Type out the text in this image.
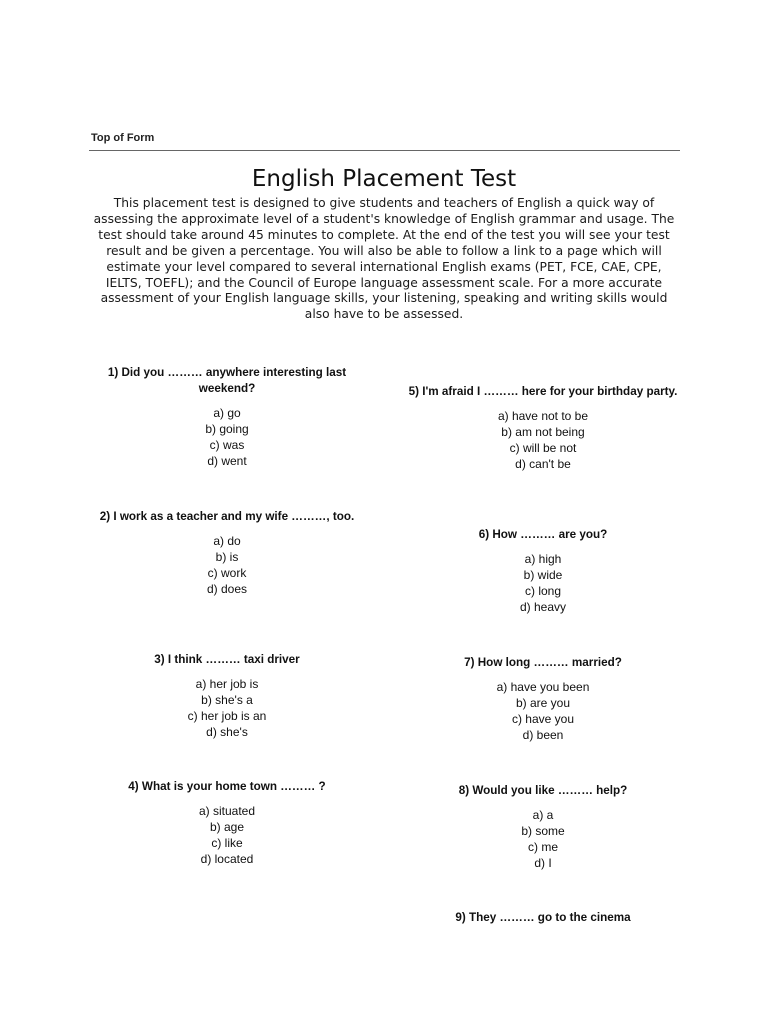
Top of Form
English Placement Test

This placement test is designed to give students and teachers of English a quick way of assessing the approximate level of a student's knowledge of English grammar and usage. The test should take around 45 minutes to complete. At the end of the test you will see your test result and be given a percentage. You will also be able to follow a link to a page which will estimate your level compared to several international English exams (PET, FCE, CAE, CPE, IELTS, TOEFL); and the Council of Europe language assessment scale. For a more accurate assessment of your English language skills, your listening, speaking and writing skills would also have to be assessed.

1) Did you ……… anywhere interesting last weekend?

a) go
b) going
c) was
d) went

2) I work as a teacher and my wife ………, too.

a) do
b) is
c) work
d) does

3) I think ……… taxi driver

a) her job is
b) she's a
c) her job is an
d) she's

4) What is your home town ……… ?

a) situated
b) age
c) like
d) located

5) I'm afraid I ……… here for your birthday party.

a) have not to be
b) am not being
c) will be not
d) can't be

6) How ……… are you?

a) high
b) wide
c) long
d) heavy

7) How long ……… married?

a) have you been
b) are you
c) have you
d) been

8) Would you like ……… help?

a) a
b) some
c) me
d) I

9) They ……… go to the cinema
